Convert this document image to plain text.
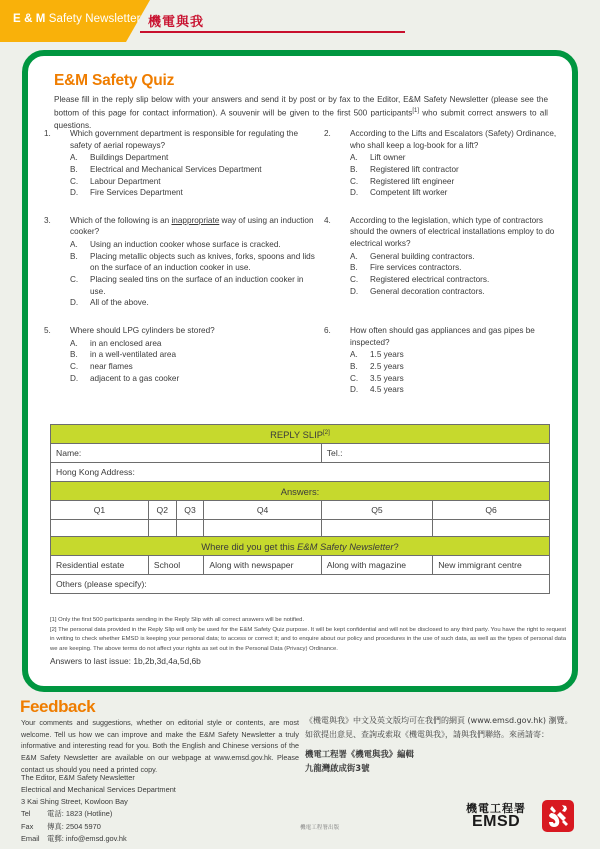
E & M Safety Newsletter 機電與我
E&M Safety Quiz
Please fill in the reply slip below with your answers and send it by post or by fax to the Editor, E&M Safety Newsletter (please see the bottom of this page for contact information). A souvenir will be given to the first 500 participants[1] who submit correct answers to all questions.
1.	Which government department is responsible for regulating the safety of aerial ropeways?
A.	Buildings Department
B.	Electrical and Mechanical Services Department
C.	Labour Department
D.	Fire Services Department
2.	According to the Lifts and Escalators (Safety) Ordinance, who shall keep a log-book for a lift?
A.	Lift owner
B.	Registered lift contractor
C.	Registered lift engineer
D.	Competent lift worker
3.	Which of the following is an inappropriate way of using an induction cooker?
A.	Using an induction cooker whose surface is cracked.
B.	Placing metallic objects such as knives, forks, spoons and lids on the surface of an induction cooker in use.
C.	Placing sealed tins on the surface of an induction cooker in use.
D.	All of the above.
4.	According to the legislation, which type of contractors should the owners of electrical installations employ to do electrical works?
A.	General building contractors.
B.	Fire services contractors.
C.	Registered electrical contractors.
D.	General decoration contractors.
5.	Where should LPG cylinders be stored?
A.	in an enclosed area
B.	in a well-ventilated area
C.	near flames
D.	adjacent to a gas cooker
6.	How often should gas appliances and gas pipes be inspected?
A.	1.5 years
B.	2.5 years
C.	3.5 years
D.	4.5 years
REPLY SLIP[2]
Name:				Tel.:	
Hong Kong Address:					
Answers:					
Q1	Q2	Q3	Q4	Q5	Q6

Where did you get this E&M Safety Newsletter?					
Residential estate	School		Along with newspaper	Along with magazine	New immigrant centre
Others (please specify):					
[1] Only the first 500 participants sending in the Reply Slip with all correct answers will be notified.
[2] The personal data provided in the Reply Slip will only be used for the E&M Safety Quiz purpose. It will be kept confidential and will not be disclosed to any third party. You have the right to request in writing to check whether EMSD is keeping your personal data; to access or correct it; and to enquire about our policy and procedures in the use of such data, as well as the types of personal data we are keeping. The above terms do not affect your rights as set out in the Personal Data (Privacy) Ordinance.
Answers to last issue: 1b,2b,3d,4a,5d,6b
Feedback
Your comments and suggestions, whether on editorial style or contents, are most welcome. Tell us how we can improve and make the E&M Safety Newsletter a truly informative and interesting read for you. Both the English and Chinese versions of the E&M Safety Newsletter are available on our webpage at www.emsd.gov.hk. Please contact us should you need a printed copy.
The Editor, E&M Safety Newsletter
Electrical and Mechanical Services Department
3 Kai Shing Street, Kowloon Bay
Tel 電話: 1823 (Hotline)
Fax 傳真: 2504 5970
Email 電郵: info@emsd.gov.hk
《機電與我》中文及英文版均可在我們的網頁 (www.emsd.gov.hk) 瀏覽。
如欲提出意見、查詢或索取《機電與我》，請與我們聯絡。來函請寄：
機電工程署《機電與我》編輯
九龍灣啟成街3號
機電工程署出版
機電工程署
EMSD
